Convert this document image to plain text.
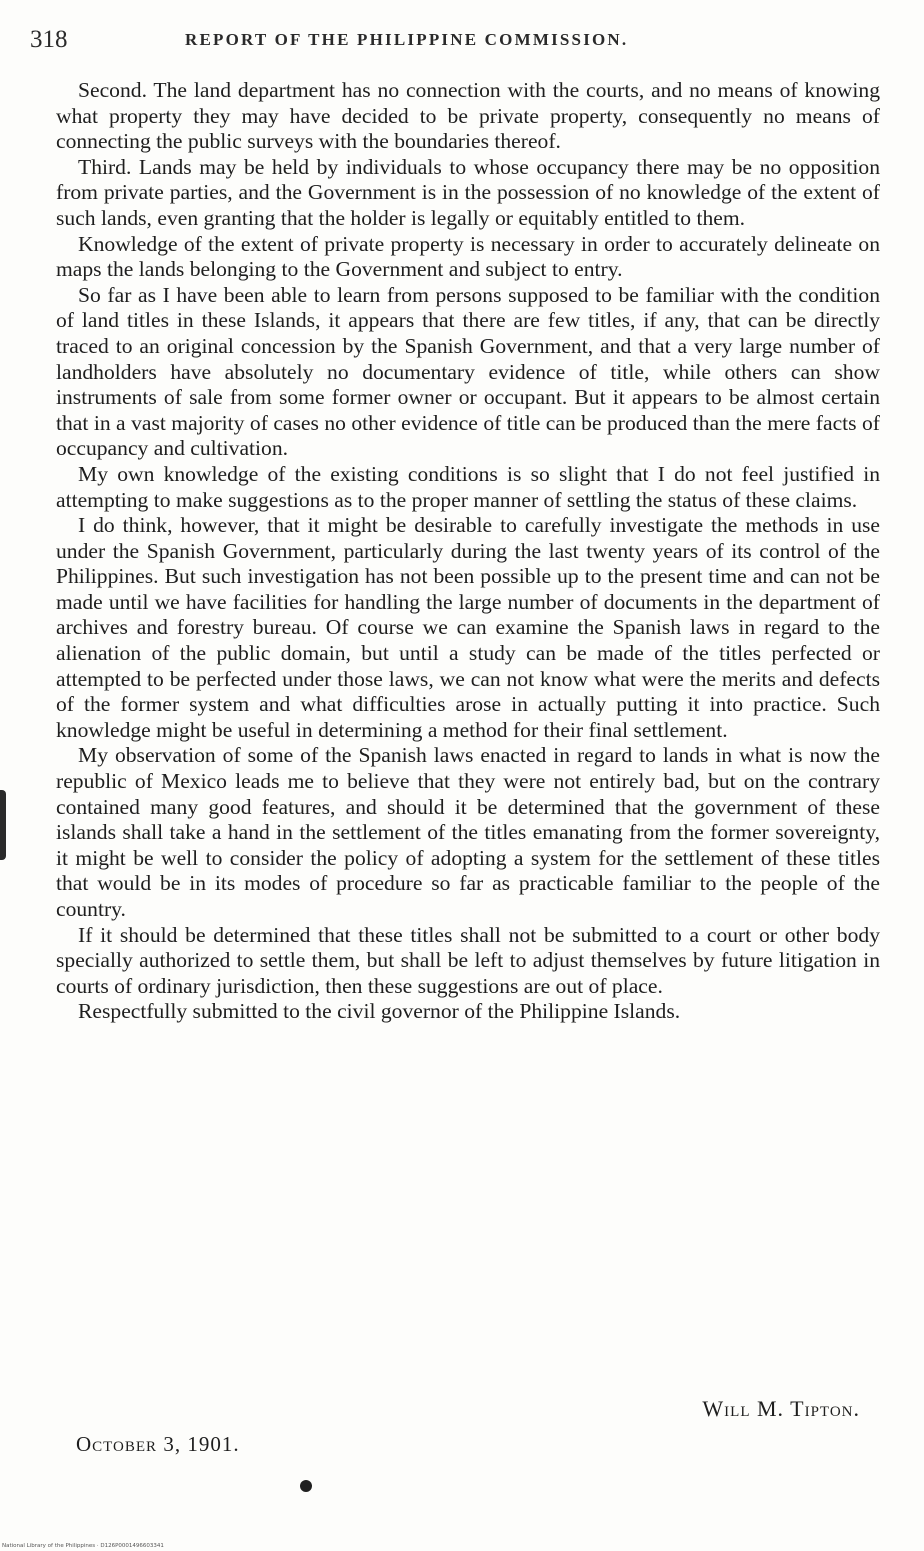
318	REPORT OF THE PHILIPPINE COMMISSION.

Second. The land department has no connection with the courts, and no means of knowing what property they may have decided to be private property, consequently no means of connecting the public surveys with the boundaries thereof.

Third. Lands may be held by individuals to whose occupancy there may be no opposition from private parties, and the Government is in the possession of no knowledge of the extent of such lands, even granting that the holder is legally or equitably entitled to them.

Knowledge of the extent of private property is necessary in order to accurately delineate on maps the lands belonging to the Government and subject to entry.

So far as I have been able to learn from persons supposed to be familiar with the condition of land titles in these Islands, it appears that there are few titles, if any, that can be directly traced to an original concession by the Spanish Government, and that a very large number of landholders have absolutely no documentary evidence of title, while others can show instruments of sale from some former owner or occupant. But it appears to be almost certain that in a vast majority of cases no other evidence of title can be produced than the mere facts of occupancy and cultivation.

My own knowledge of the existing conditions is so slight that I do not feel justified in attempting to make suggestions as to the proper manner of settling the status of these claims.

I do think, however, that it might be desirable to carefully investigate the methods in use under the Spanish Government, particularly during the last twenty years of its control of the Philippines. But such investigation has not been possible up to the present time and can not be made until we have facilities for handling the large number of documents in the department of archives and forestry bureau. Of course we can examine the Spanish laws in regard to the alienation of the public domain, but until a study can be made of the titles perfected or attempted to be perfected under those laws, we can not know what were the merits and defects of the former system and what difficulties arose in actually putting it into practice. Such knowledge might be useful in determining a method for their final settlement.

My observation of some of the Spanish laws enacted in regard to lands in what is now the republic of Mexico leads me to believe that they were not entirely bad, but on the contrary contained many good features, and should it be determined that the government of these islands shall take a hand in the settlement of the titles emanating from the former sovereignty, it might be well to consider the policy of adopting a system for the settlement of these titles that would be in its modes of procedure so far as practicable familiar to the people of the country.

If it should be determined that these titles shall not be submitted to a court or other body specially authorized to settle them, but shall be left to adjust themselves by future litigation in courts of ordinary jurisdiction, then these suggestions are out of place.

Respectfully submitted to the civil governor of the Philippine Islands.

Will M. Tipton.
October 3, 1901.
National Library of the Philippines · D126P0001496603341
